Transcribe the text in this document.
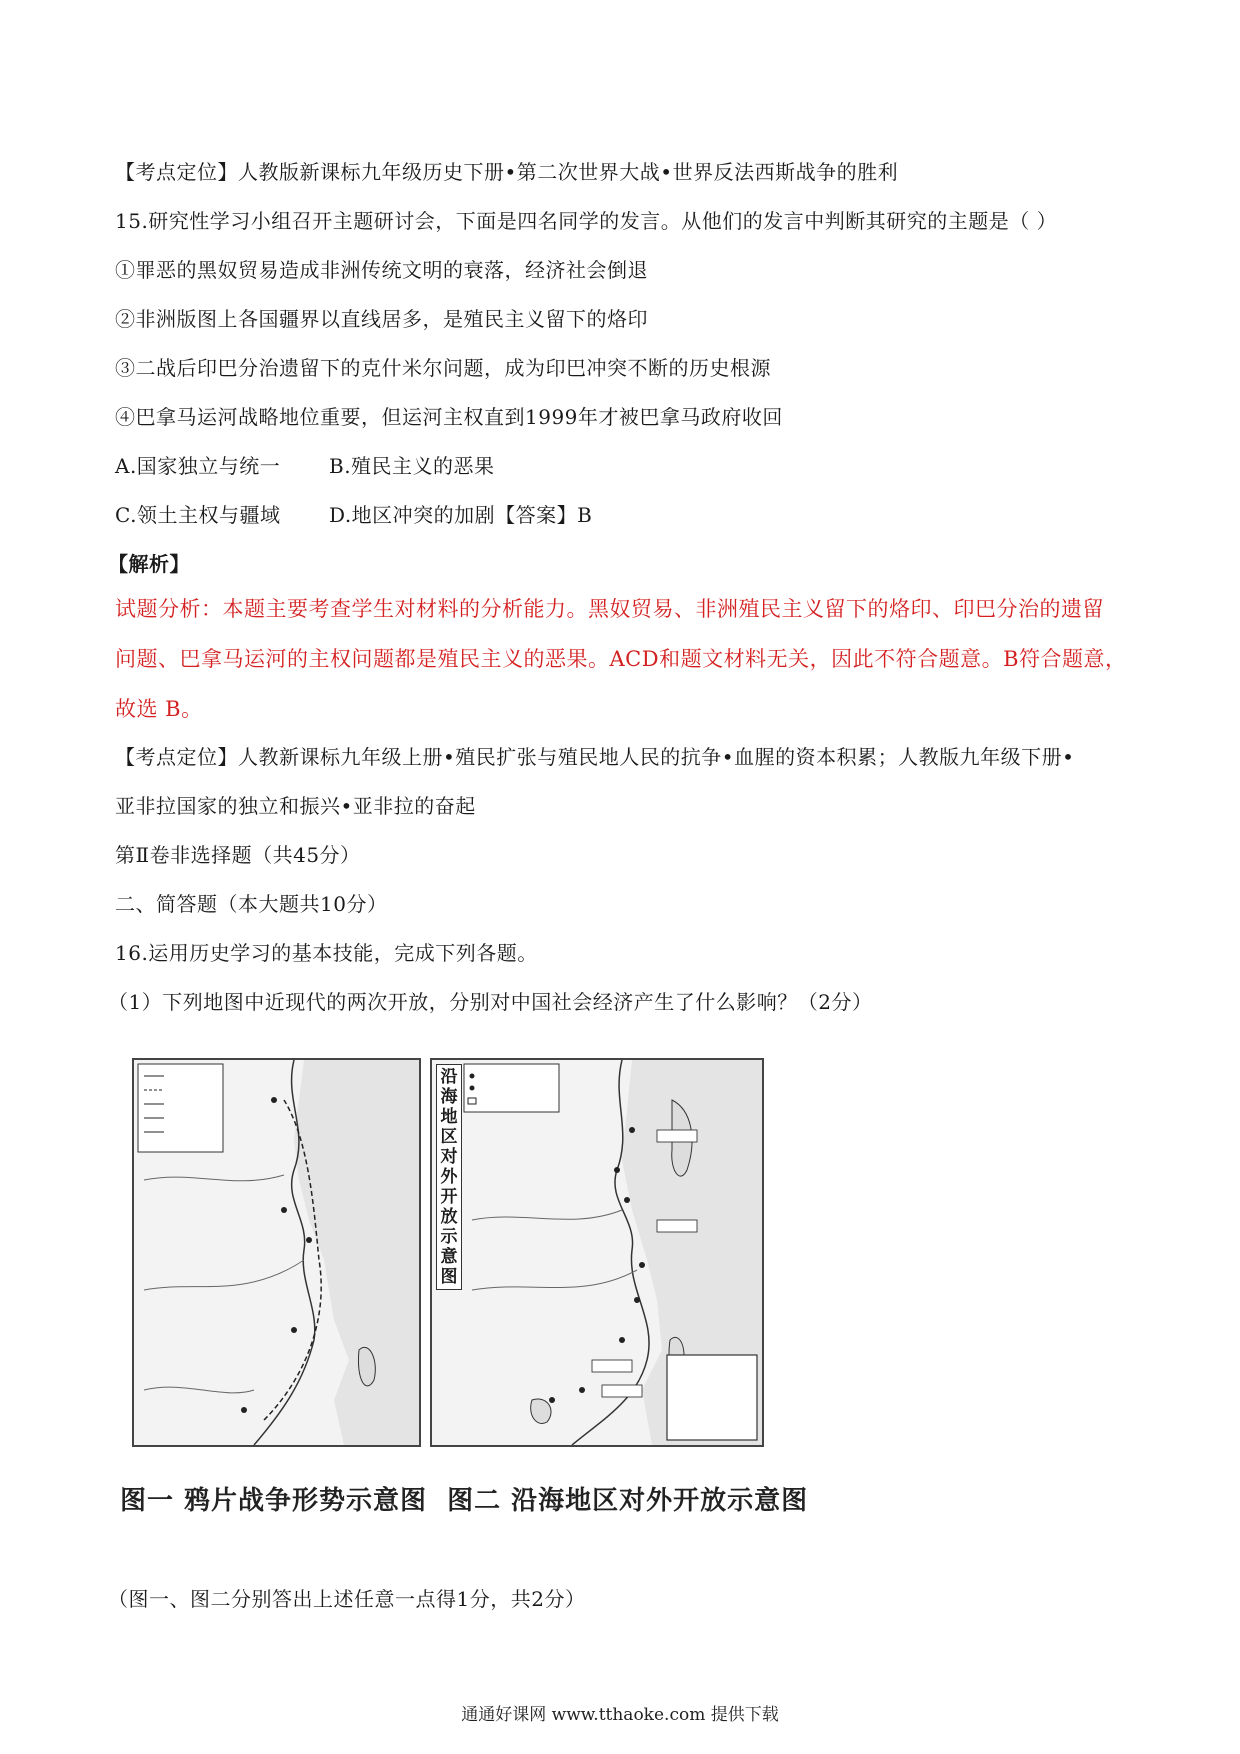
【考点定位】人教版新课标九年级历史下册•第二次世界大战•世界反法西斯战争的胜利
15.研究性学习小组召开主题研讨会，下面是四名同学的发言。从他们的发言中判断其研究的主题是（ ）
①罪恶的黑奴贸易造成非洲传统文明的衰落，经济社会倒退
②非洲版图上各国疆界以直线居多，是殖民主义留下的烙印
③二战后印巴分治遗留下的克什米尔问题，成为印巴冲突不断的历史根源
④巴拿马运河战略地位重要，但运河主权直到1999年才被巴拿马政府收回
A.国家独立与统一 B.殖民主义的恶果
C.领土主权与疆域 D.地区冲突的加剧【答案】B
【解析】
试题分析：本题主要考查学生对材料的分析能力。黑奴贸易、非洲殖民主义留下的烙印、印巴分治的遗留
问题、巴拿马运河的主权问题都是殖民主义的恶果。ACD和题文材料无关，因此不符合题意。B符合题意，
故选 B。
【考点定位】人教新课标九年级上册•殖民扩张与殖民地人民的抗争•血腥的资本积累；人教版九年级下册•
亚非拉国家的独立和振兴•亚非拉的奋起
第Ⅱ卷非选择题（共45分）
二、简答题（本大题共10分）
16.运用历史学习的基本技能，完成下列各题。
（1）下列地图中近现代的两次开放，分别对中国社会经济产生了什么影响？（2分）
沿海地区对外开放示意图
图一 鸦片战争形势示意图 图二 沿海地区对外开放示意图
（图一、图二分别答出上述任意一点得1分，共2分）
通通好课网 www.tthaoke.com 提供下载
